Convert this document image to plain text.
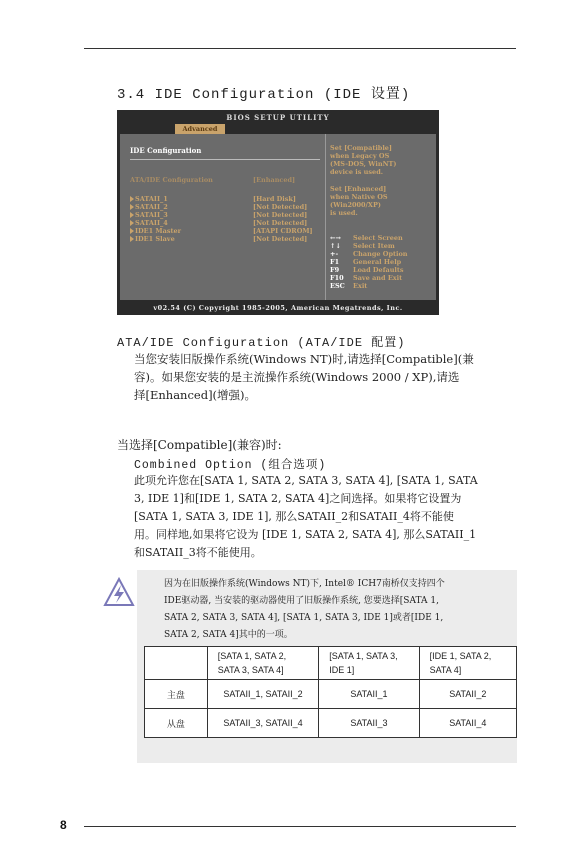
3.4 IDE Configuration (IDE 设置)
BIOS SETUP UTILITY
Advanced
IDE Configuration
ATA/IDE Configuration	[Enhanced]
SATAII_1	[Hard Disk]
SATAII_2	[Not Detected]
SATAII_3	[Not Detected]
SATAII_4	[Not Detected]
IDE1 Master	[ATAPI CDROM]
IDE1 Slave	[Not Detected]
Set [Compatible]
when Legacy OS
(MS-DOS, WinNT)
device is used.
Set [Enhanced]
when Native OS
(Win2000/XP)
is used.
←→ Select Screen
↑↓ Select Item
+- Change Option
F1 General Help
F9 Load Defaults
F10 Save and Exit
ESC Exit
v02.54 (C) Copyright 1985-2005, American Megatrends, Inc.
ATA/IDE Configuration (ATA/IDE 配置)
当您安装旧版操作系统(Windows NT)时,请选择[Compatible](兼
容)。如果您安装的是主流操作系统(Windows 2000 / XP),请选
择[Enhanced](增强)。
当选择[Compatible](兼容)时:
Combined Option (组合选项)
此项允许您在[SATA 1, SATA 2, SATA 3, SATA 4], [SATA 1, SATA
3, IDE 1]和[IDE 1, SATA 2, SATA 4]之间选择。如果将它设置为
[SATA 1, SATA 3, IDE 1], 那么SATAII_2和SATAII_4将不能使
用。同样地,如果将它设为 [IDE 1, SATA 2, SATA 4], 那么SATAII_1
和SATAII_3将不能使用。
因为在旧版操作系统(Windows NT)下, Intel® ICH7南桥仅支持四个
IDE驱动器, 当安装的驱动器使用了旧版操作系统, 您要选择[SATA 1,
SATA 2, SATA 3, SATA 4], [SATA 1, SATA 3, IDE 1]或者[IDE 1,
SATA 2, SATA 4]其中的一项。
	[SATA 1, SATA 2,
SATA 3, SATA 4]	[SATA 1, SATA 3,
IDE 1]	[IDE 1, SATA 2,
SATA 4]
主盘	SATAII_1, SATAII_2	SATAII_1	SATAII_2
从盘	SATAII_3, SATAII_4	SATAII_3	SATAII_4
8
